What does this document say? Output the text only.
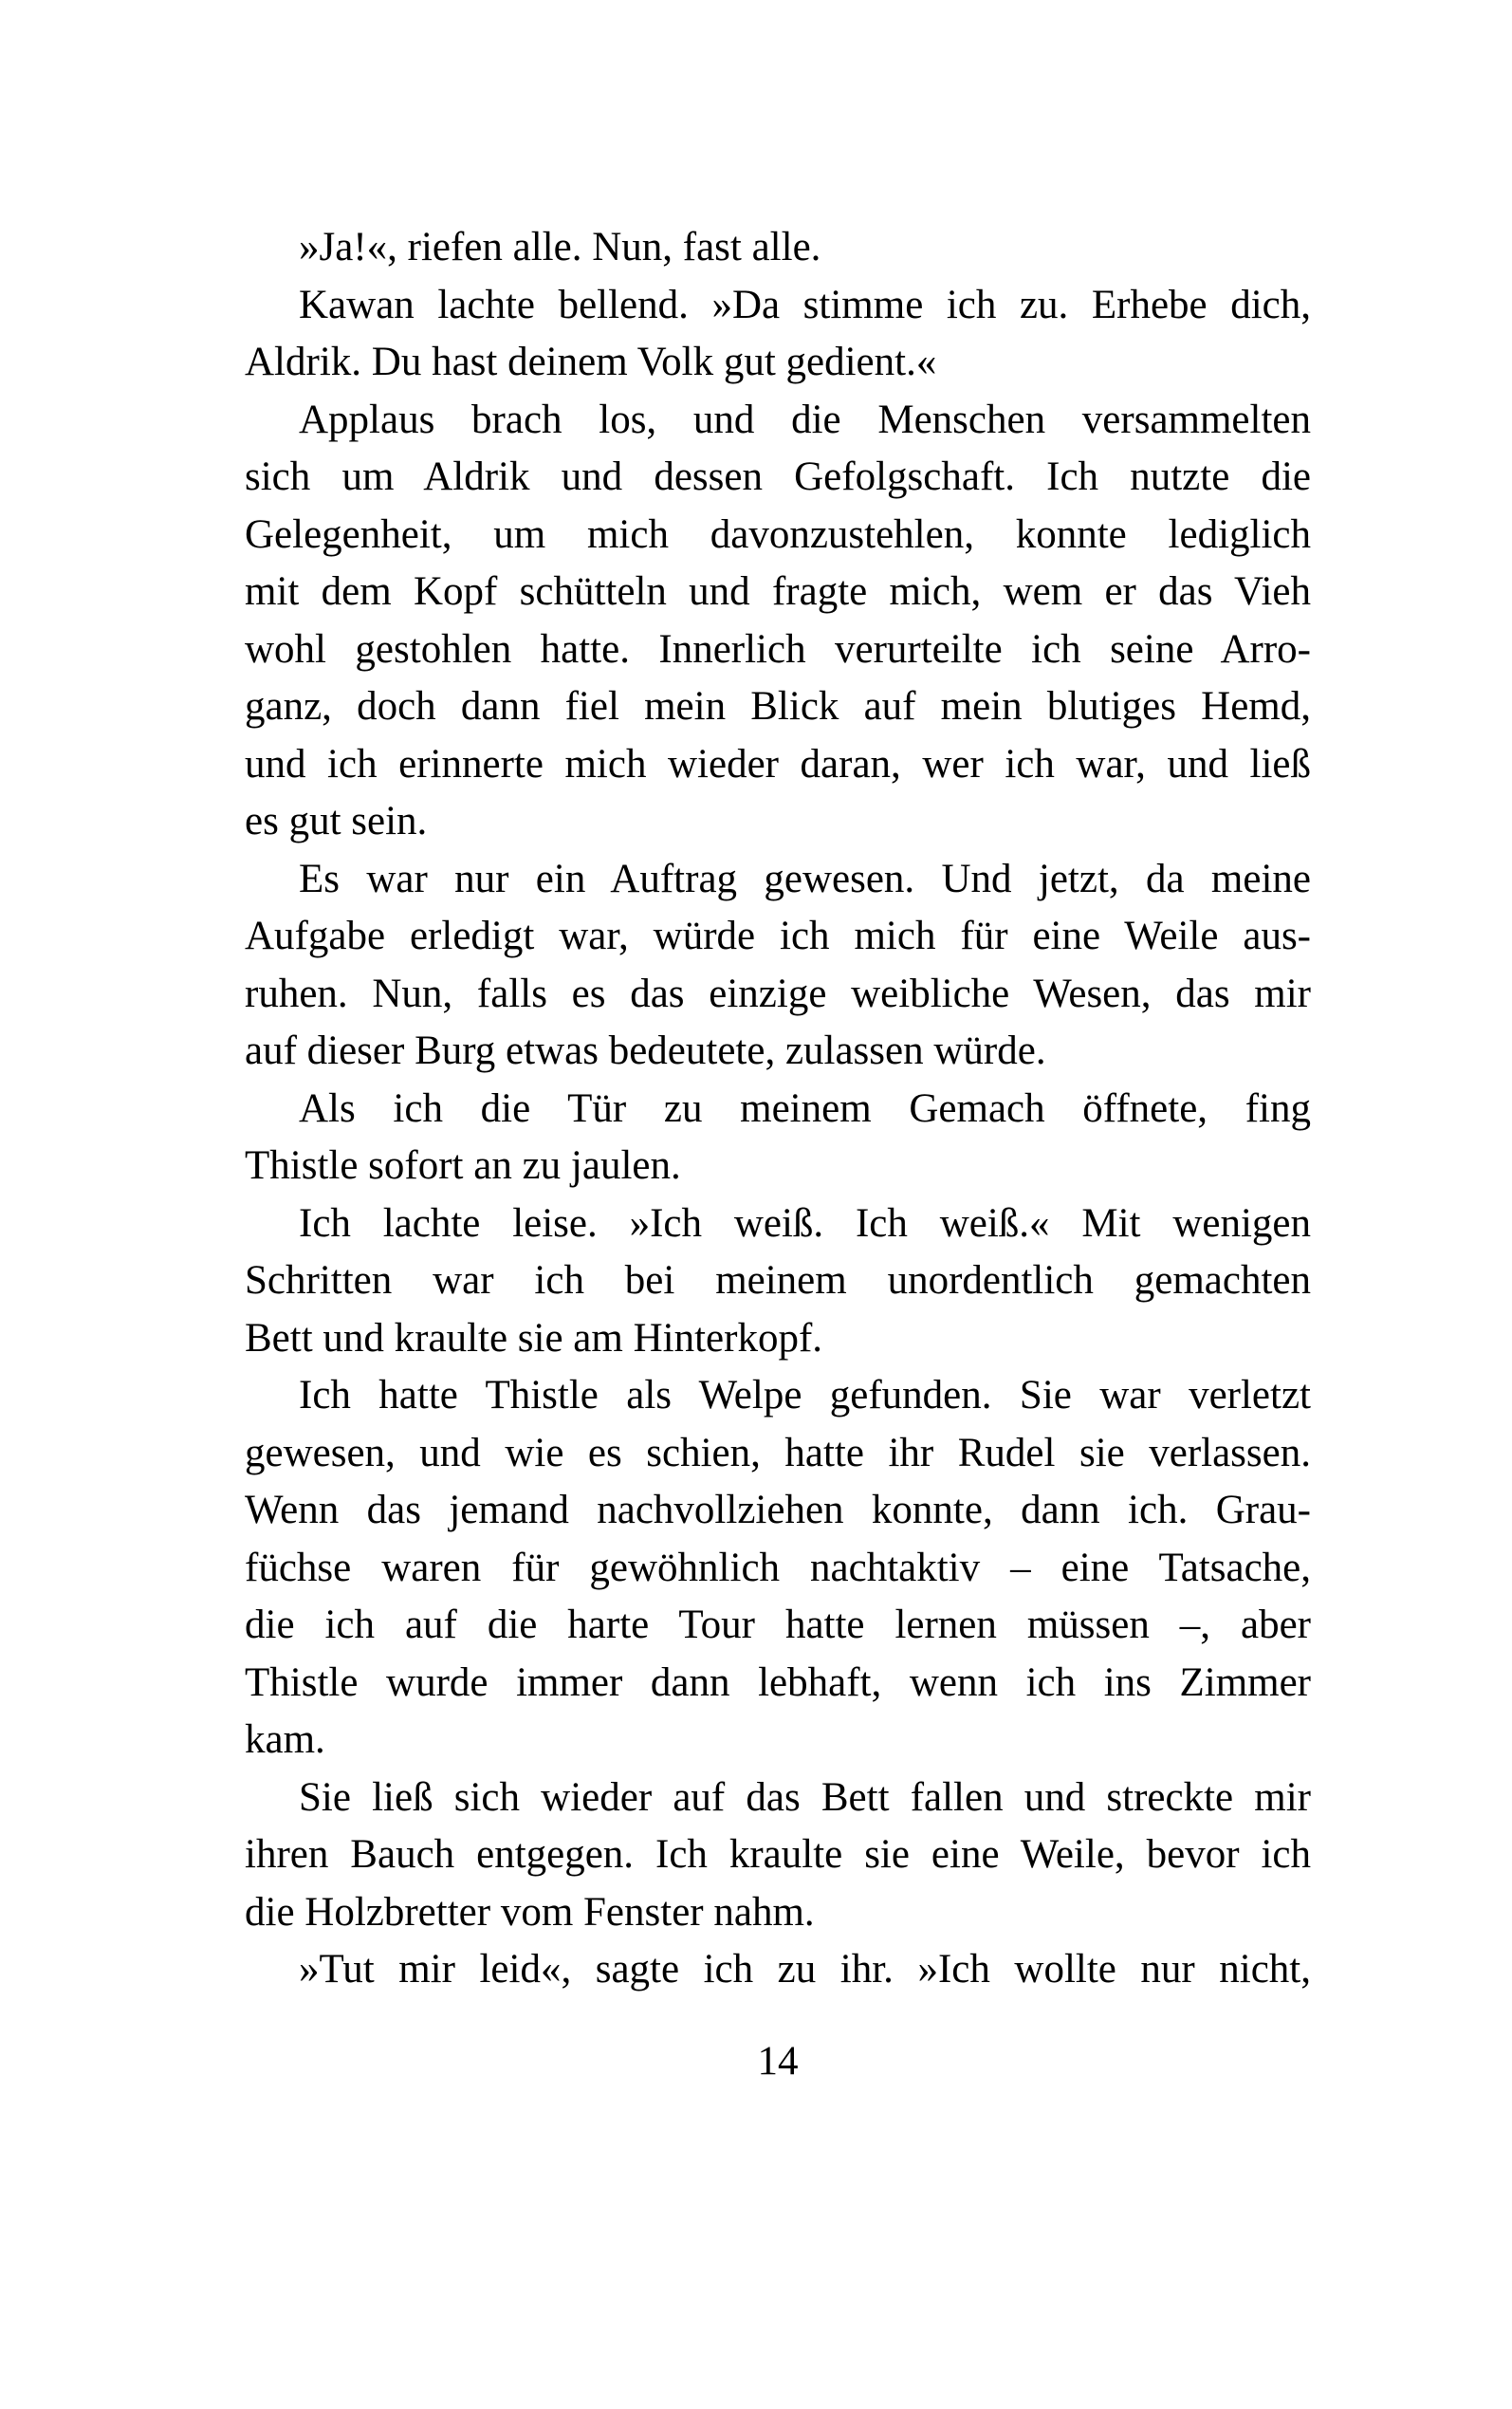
»Ja!«, riefen alle. Nun, fast alle.
Kawan lachte bellend. »Da stimme ich zu. Erhebe dich,
Aldrik. Du hast deinem Volk gut gedient.«
Applaus brach los, und die Menschen versammelten
sich um Aldrik und dessen Gefolgschaft. Ich nutzte die
Gelegenheit, um mich davonzustehlen, konnte lediglich
mit dem Kopf schütteln und fragte mich, wem er das Vieh
wohl gestohlen hatte. Innerlich verurteilte ich seine Arro-
ganz, doch dann fiel mein Blick auf mein blutiges Hemd,
und ich erinnerte mich wieder daran, wer ich war, und ließ
es gut sein.
Es war nur ein Auftrag gewesen. Und jetzt, da meine
Aufgabe erledigt war, würde ich mich für eine Weile aus-
ruhen. Nun, falls es das einzige weibliche Wesen, das mir
auf dieser Burg etwas bedeutete, zulassen würde.
Als ich die Tür zu meinem Gemach öffnete, fing
Thistle sofort an zu jaulen.
Ich lachte leise. »Ich weiß. Ich weiß.« Mit wenigen
Schritten war ich bei meinem unordentlich gemachten
Bett und kraulte sie am Hinterkopf.
Ich hatte Thistle als Welpe gefunden. Sie war verletzt
gewesen, und wie es schien, hatte ihr Rudel sie verlassen.
Wenn das jemand nachvollziehen konnte, dann ich. Grau-
füchse waren für gewöhnlich nachtaktiv – eine Tatsache,
die ich auf die harte Tour hatte lernen müssen –, aber
Thistle wurde immer dann lebhaft, wenn ich ins Zimmer
kam.
Sie ließ sich wieder auf das Bett fallen und streckte mir
ihren Bauch entgegen. Ich kraulte sie eine Weile, bevor ich
die Holzbretter vom Fenster nahm.
»Tut mir leid«, sagte ich zu ihr. »Ich wollte nur nicht,
14
